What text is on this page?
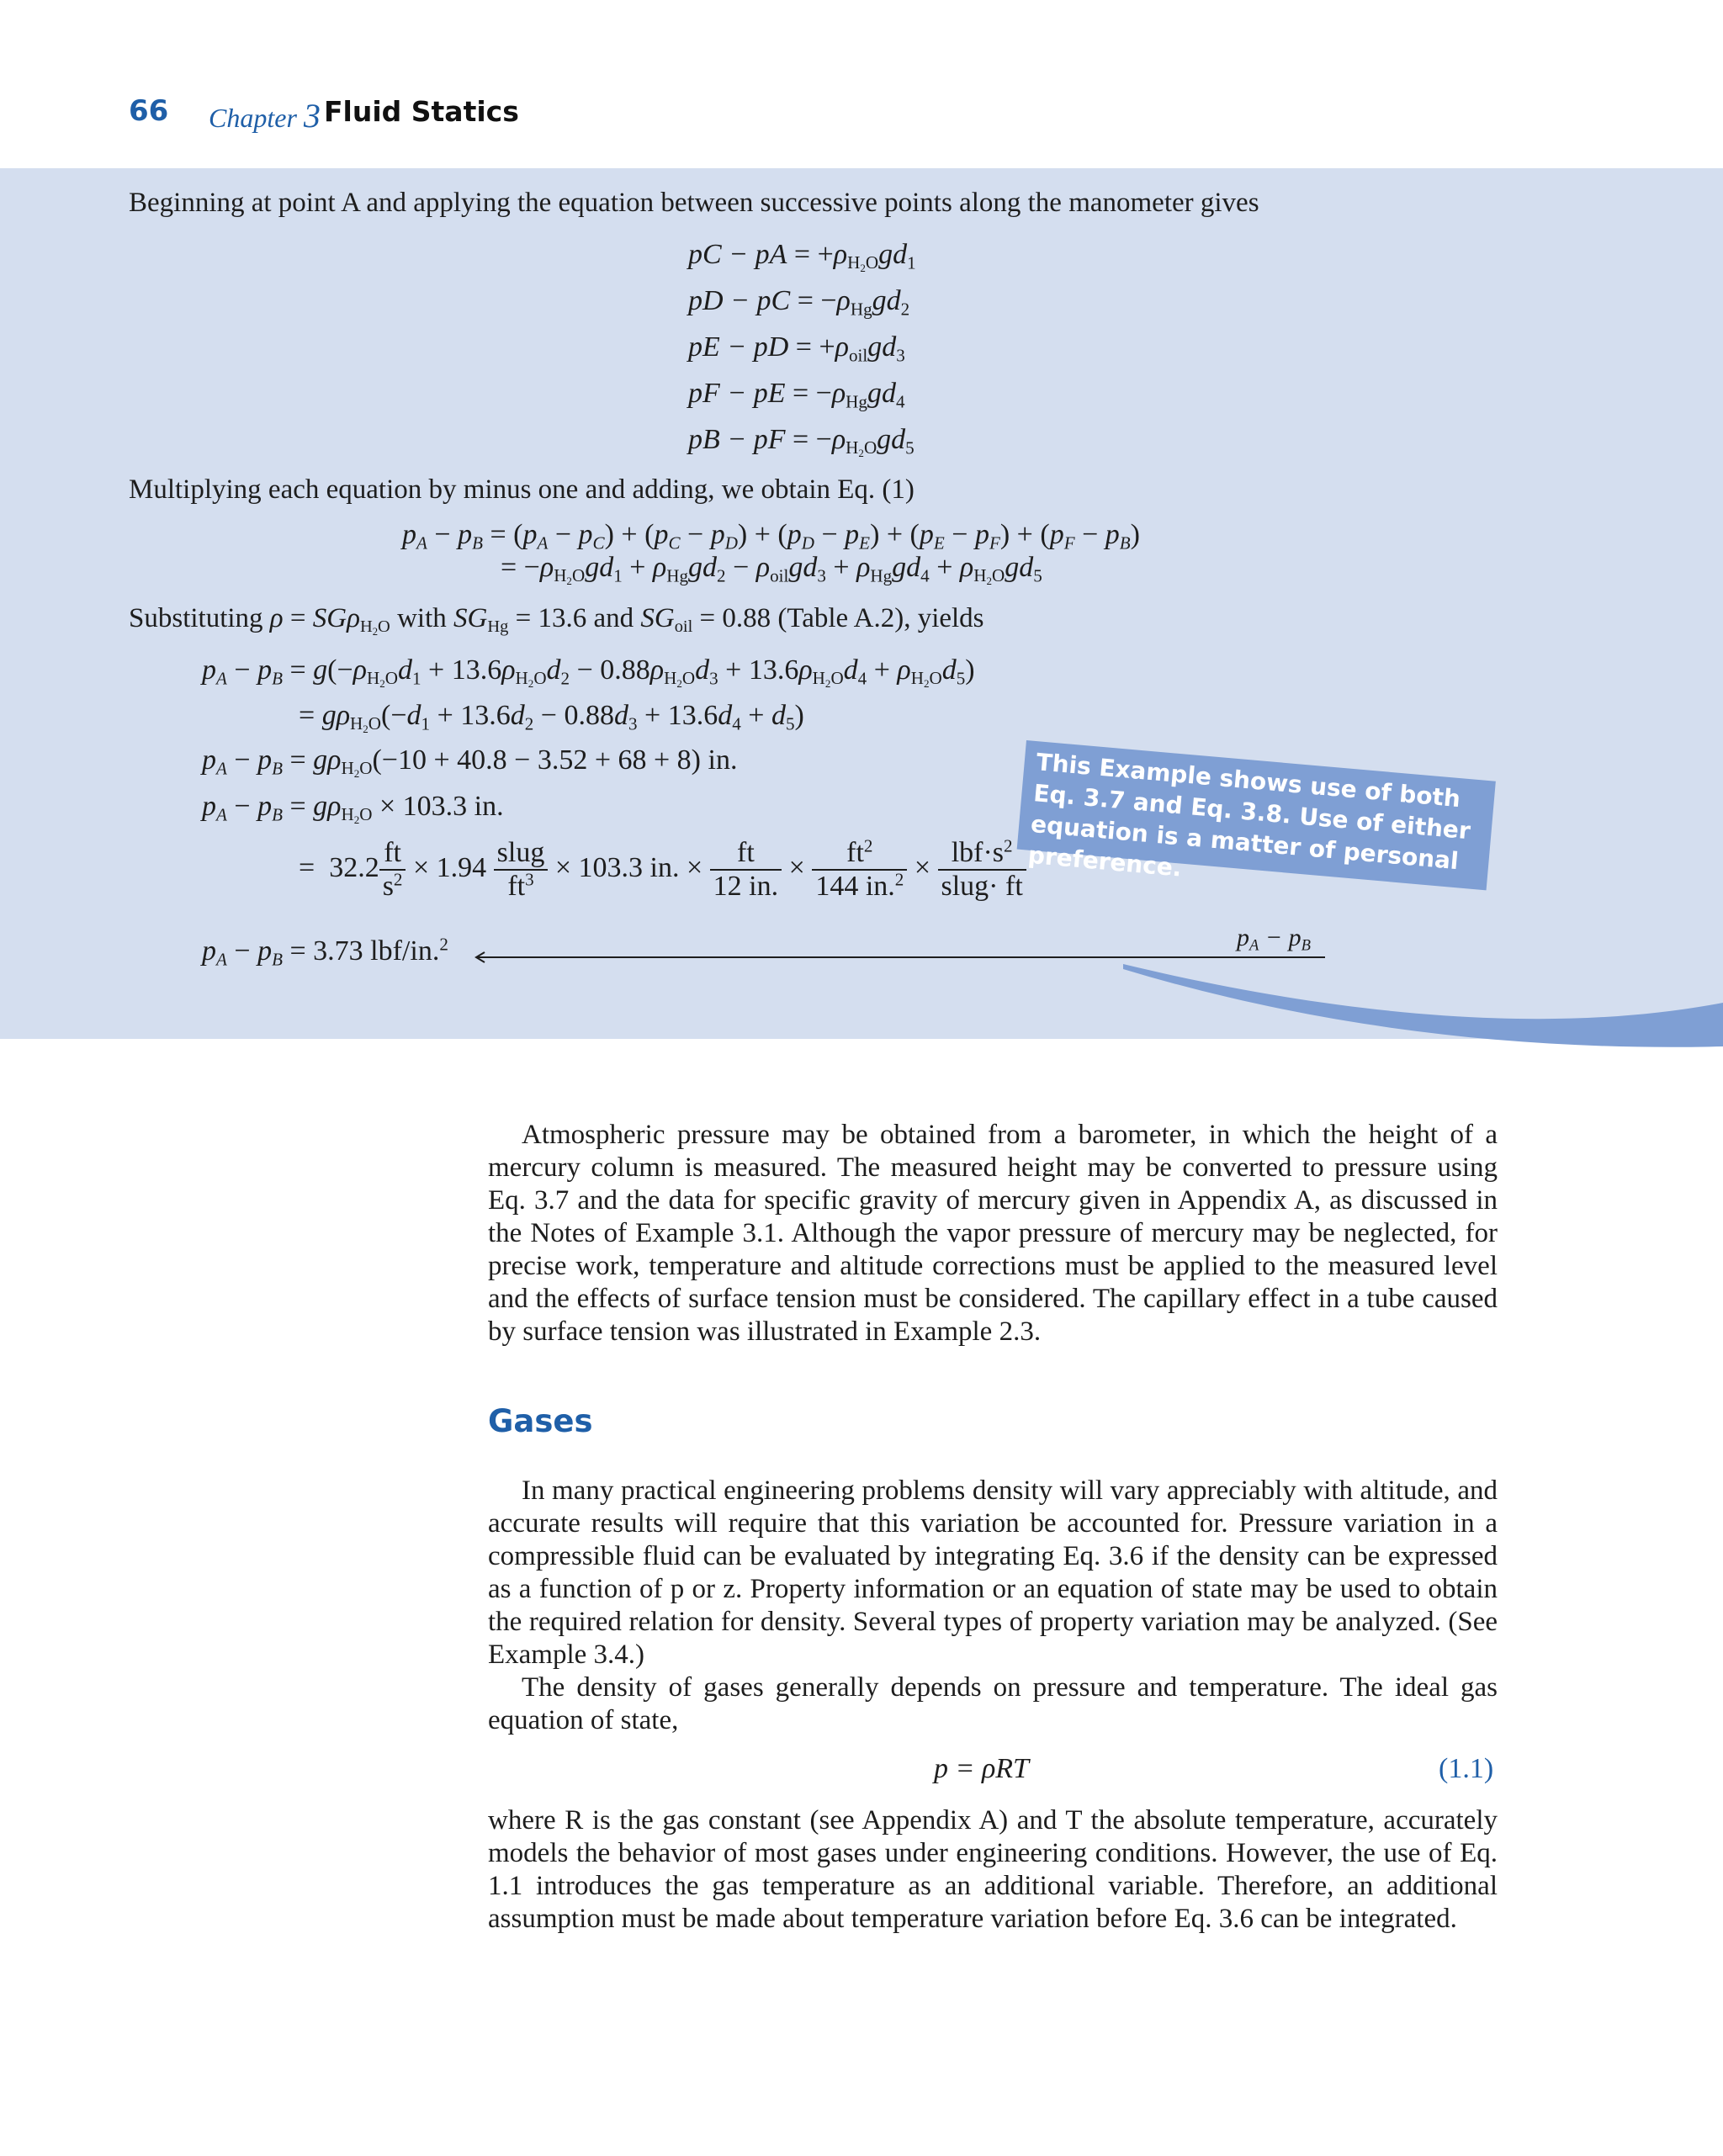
66 Chapter 3 Fluid Statics
Beginning at point A and applying the equation between successive points along the manometer gives
pC − pA = $+\rho_{H_2O}gd_1$
pD − pC = $-\rho_{Hg}gd_2$
pE − pD = $+\rho_{oil}gd_3$
pF − pE = $-\rho_{Hg}gd_4$
pB − pF = $-\rho_{H_2O}gd_5$
Multiplying each equation by minus one and adding, we obtain Eq. (1)
$p_A - p_B = (p_A - p_C) + (p_C - p_D) + (p_D - p_E) + (p_E - p_F) + (p_F - p_B)$
= $-\rho_{H_2O}gd_1 + \rho_{Hg}gd_2 - \rho_{oil}gd_3 + \rho_{Hg}gd_4 + \rho_{H_2O}gd_5$
Substituting ρ = SGρ$_{H_2O}$ with $SG_{Hg} = 13.6$ and $SG_{oil} = 0.88$ (Table A.2), yields
$p_A - p_B = g(-\rho_{H_2O}d_1 + 13.6\rho_{H_2O}d_2 - 0.88\rho_{H_2O}d_3 + 13.6\rho_{H_2O}d_4 + \rho_{H_2O}d_5)$
= $g\rho_{H_2O}(-d_1 + 13.6d_2 - 0.88d_3 + 13.6d_4 + d_5)$
$p_A - p_B = g\rho_{H_2O}(-10 + 40.8 - 3.52 + 68 + 8)$ in.
$p_A - p_B = g\rho_{H_2O} \times 103.3$ in.
=  $32.2 \frac{ft}{s^2} \times 1.94 \frac{\text{slug}}{ft^3} \times 103.3$ in. × $\frac{ft}{12 in.} \times \frac{ft^2}{144 in.^2} \times \frac{lbf\cdot s^2}{\text{slug· ft}}$
$p_A - p_B = 3.73$ lbf/in.$^2$	$p_A - p_B$
This Example shows use of both Eq. 3.7 and Eq. 3.8. Use of either equation is a matter of personal preference.

Atmospheric pressure may be obtained from a barometer, in which the height of a mercury column is measured. The measured height may be converted to pressure using Eq. 3.7 and the data for specific gravity of mercury given in Appendix A, as discussed in the Notes of Example 3.1. Although the vapor pressure of mercury may be neglected, for precise work, temperature and altitude corrections must be applied to the measured level and the effects of surface tension must be considered. The capillary effect in a tube caused by surface tension was illustrated in Example 2.3.

Gases

In many practical engineering problems density will vary appreciably with altitude, and accurate results will require that this variation be accounted for. Pressure variation in a compressible fluid can be evaluated by integrating Eq. 3.6 if the density can be expressed as a function of p or z. Property information or an equation of state may be used to obtain the required relation for density. Several types of property variation may be analyzed. (See Example 3.4.)

The density of gases generally depends on pressure and temperature. The ideal gas equation of state,

p = ρRT	(1.1)

where R is the gas constant (see Appendix A) and T the absolute temperature, accurately models the behavior of most gases under engineering conditions. However, the use of Eq. 1.1 introduces the gas temperature as an additional variable. Therefore, an additional assumption must be made about temperature variation before Eq. 3.6 can be integrated.
